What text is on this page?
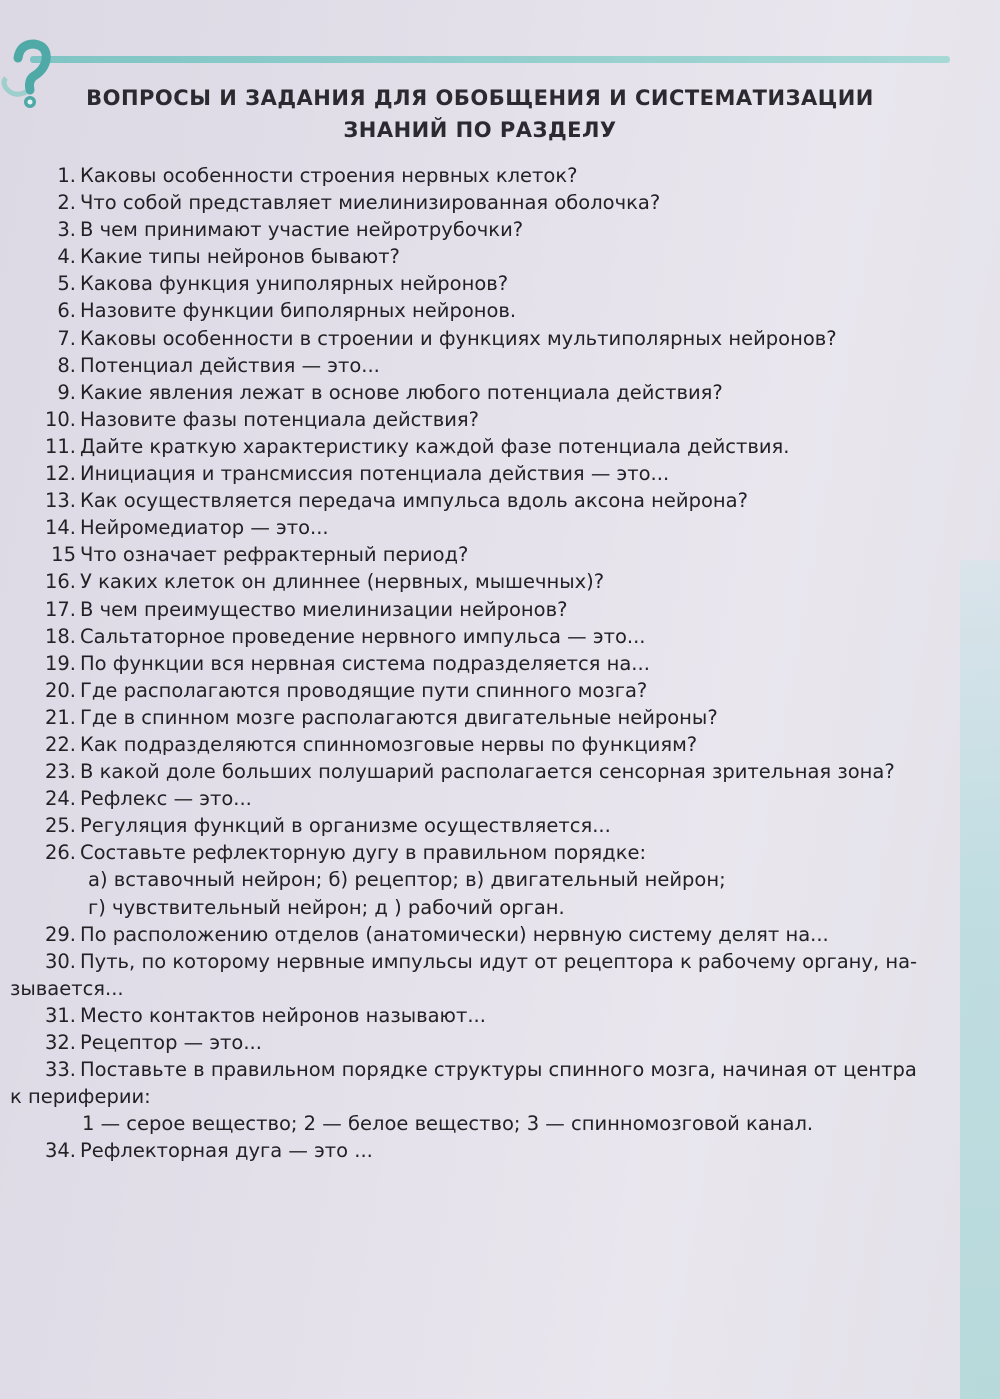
ВОПРОСЫ И ЗАДАНИЯ ДЛЯ ОБОБЩЕНИЯ И СИСТЕМАТИЗАЦИИ
ЗНАНИЙ ПО РАЗДЕЛУ
1. Каковы особенности строения нервных клеток?
2. Что собой представляет миелинизированная оболочка?
3. В чем принимают участие нейротрубочки?
4. Какие типы нейронов бывают?
5. Какова функция униполярных нейронов?
6. Назовите функции биполярных нейронов.
7. Каковы особенности в строении и функциях мультиполярных нейронов?
8. Потенциал действия — это...
9. Какие явления лежат в основе любого потенциала действия?
10. Назовите фазы потенциала действия?
11. Дайте краткую характеристику каждой фазе потенциала действия.
12. Инициация и трансмиссия потенциала действия — это...
13. Как осуществляется передача импульса вдоль аксона нейрона?
14. Нейромедиатор — это...
15 Что означает рефрактерный период?
16. У каких клеток он длиннее (нервных, мышечных)?
17. В чем преимущество миелинизации нейронов?
18. Сальтаторное проведение нервного импульса — это...
19. По функции вся нервная система подразделяется на...
20. Где располагаются проводящие пути спинного мозга?
21. Где в спинном мозге располагаются двигательные нейроны?
22. Как подразделяются спинномозговые нервы по функциям?
23. В какой доле больших полушарий располагается сенсорная зрительная зона?
24. Рефлекс — это...
25. Регуляция функций в организме осуществляется...
26. Составьте рефлекторную дугу в правильном порядке:
а) вставочный нейрон; б) рецептор; в) двигательный нейрон;
г) чувствительный нейрон; д ) рабочий орган.
29. По расположению отделов (анатомически) нервную систему делят на...
30. Путь, по которому нервные импульсы идут от рецептора к рабочему органу, на-
зывается...
31. Место контактов нейронов называют...
32. Рецептор — это...
33. Поставьте в правильном порядке структуры спинного мозга, начиная от центра
к периферии:
1 — серое вещество; 2 — белое вещество; 3 — спинномозговой канал.
34. Рефлекторная дуга — это ...
